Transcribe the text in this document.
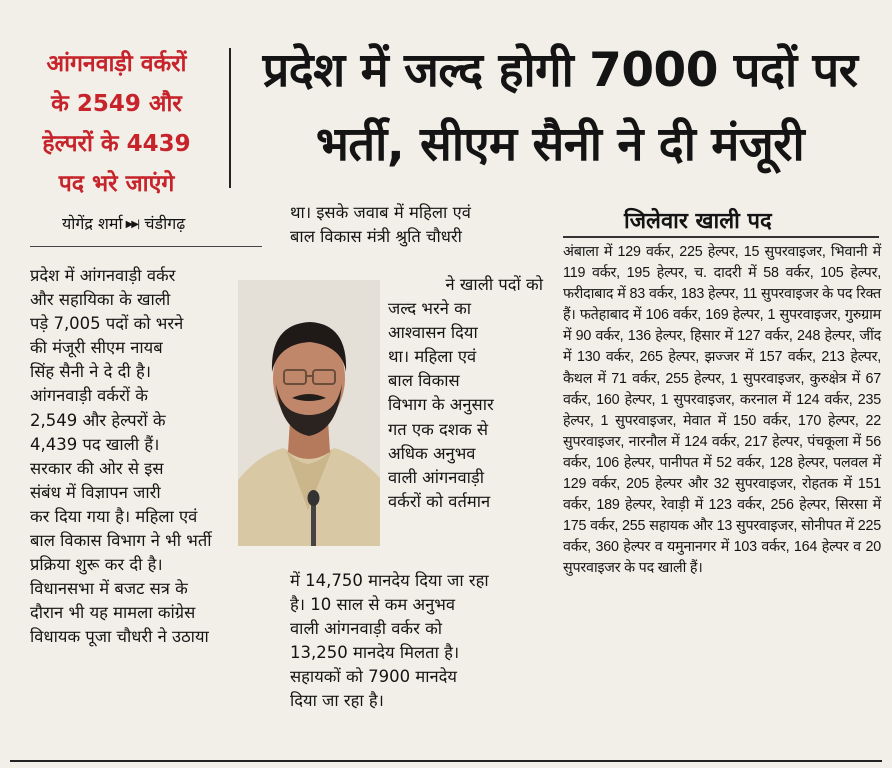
आंगनवाड़ी वर्करों
के 2549 और
हेल्परों के 4439
पद भरे जाएंगे
प्रदेश में जल्द होगी 7000 पदों पर
भर्ती, सीएम सैनी ने दी मंजूरी
योगेंद्र शर्मा ▶▶| चंडीगढ़
प्रदेश में आंगनवाड़ी वर्कर
और सहायिका के खाली
पड़े 7,005 पदों को भरने
की मंजूरी सीएम नायब
सिंह सैनी ने दे दी है।
आंगनवाड़ी वर्करों के
2,549 और हेल्परों के
4,439 पद खाली हैं।
सरकार की ओर से इस
संबंध में विज्ञापन जारी
कर दिया गया है। महिला एवं
बाल विकास विभाग ने भी भर्ती
प्रक्रिया शुरू कर दी है।
विधानसभा में बजट सत्र के
दौरान भी यह मामला कांग्रेस
विधायक पूजा चौधरी ने उठाया
था। इसके जवाब में महिला एवं
बाल विकास मंत्री श्रुति चौधरी
ने खाली पदों को
जल्द भरने का
आश्वासन दिया
था। महिला एवं
बाल विकास
विभाग के अनुसार
गत एक दशक से
अधिक अनुभव
वाली आंगनवाड़ी
वर्करों को वर्तमान
में 14,750 मानदेय दिया जा रहा
है। 10 साल से कम अनुभव
वाली आंगनवाड़ी वर्कर को
13,250 मानदेय मिलता है।
सहायकों को 7900 मानदेय
दिया जा रहा है।
जिलेवार खाली पद
अंबाला में 129 वर्कर, 225 हेल्पर, 15 सुपरवाइजर, भिवानी में 119 वर्कर, 195 हेल्पर, च. दादरी में 58 वर्कर, 105 हेल्पर, फरीदाबाद में 83 वर्कर, 183 हेल्पर, 11 सुपरवाइजर के पद रिक्त हैं। फतेहाबाद में 106 वर्कर, 169 हेल्पर, 1 सुपरवाइजर, गुरुग्राम में 90 वर्कर, 136 हेल्पर, हिसार में 127 वर्कर, 248 हेल्पर, जींद में 130 वर्कर, 265 हेल्पर, झज्जर में 157 वर्कर, 213 हेल्पर, कैथल में 71 वर्कर, 255 हेल्पर, 1 सुपरवाइजर, कुरुक्षेत्र में 67 वर्कर, 160 हेल्पर, 1 सुपरवाइजर, करनाल में 124 वर्कर, 235 हेल्पर, 1 सुपरवाइजर, मेवात में 150 वर्कर, 170 हेल्पर, 22 सुपरवाइजर, नारनौल में 124 वर्कर, 217 हेल्पर, पंचकूला में 56 वर्कर, 106 हेल्पर, पानीपत में 52 वर्कर, 128 हेल्पर, पलवल में 129 वर्कर, 205 हेल्पर और 32 सुपरवाइजर, रोहतक में 151 वर्कर, 189 हेल्पर, रेवाड़ी में 123 वर्कर, 256 हेल्पर, सिरसा में 175 वर्कर, 255 सहायक और 13 सुपरवाइजर, सोनीपत में 225 वर्कर, 360 हेल्पर व यमुनानगर में 103 वर्कर, 164 हेल्पर व 20 सुपरवाइजर के पद खाली हैं।
